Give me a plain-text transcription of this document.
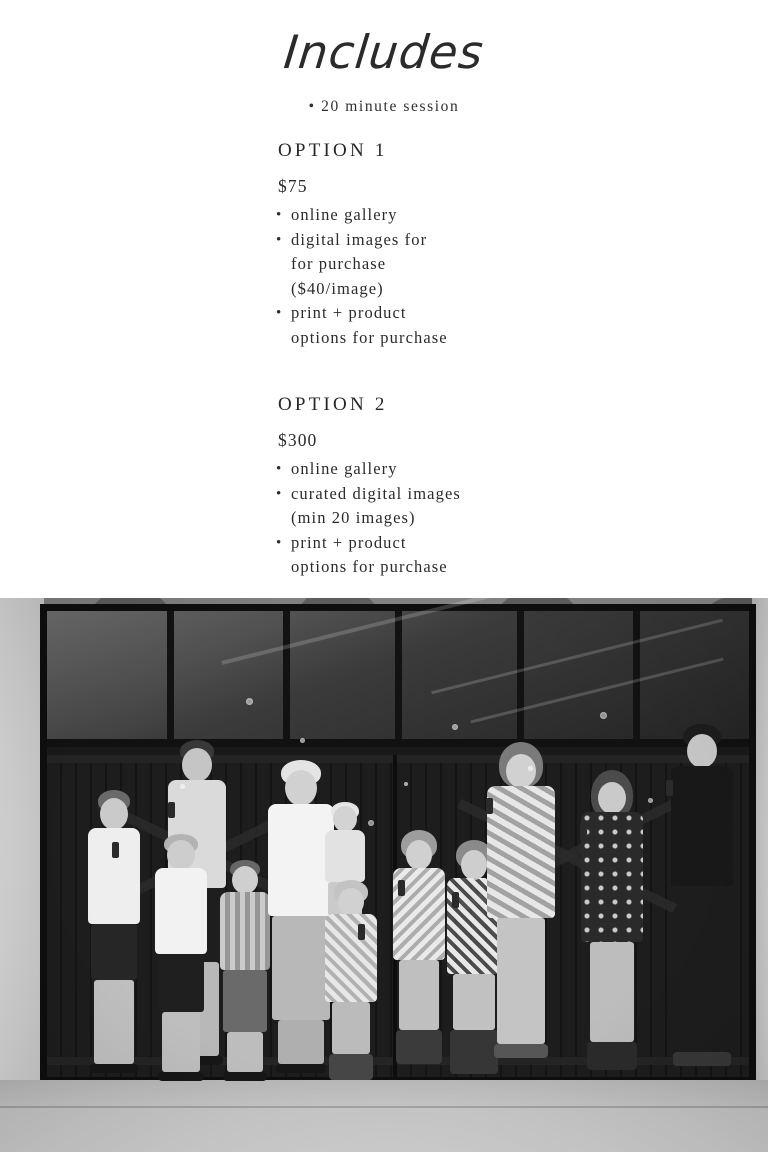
Includes
• 20 minute session
OPTION 1
$75
• online gallery
• digital images for
for purchase
($40/image)
• print + product
options for purchase
OPTION 2
$300
• online gallery
• curated digital images
(min 20 images)
• print + product
options for purchase
